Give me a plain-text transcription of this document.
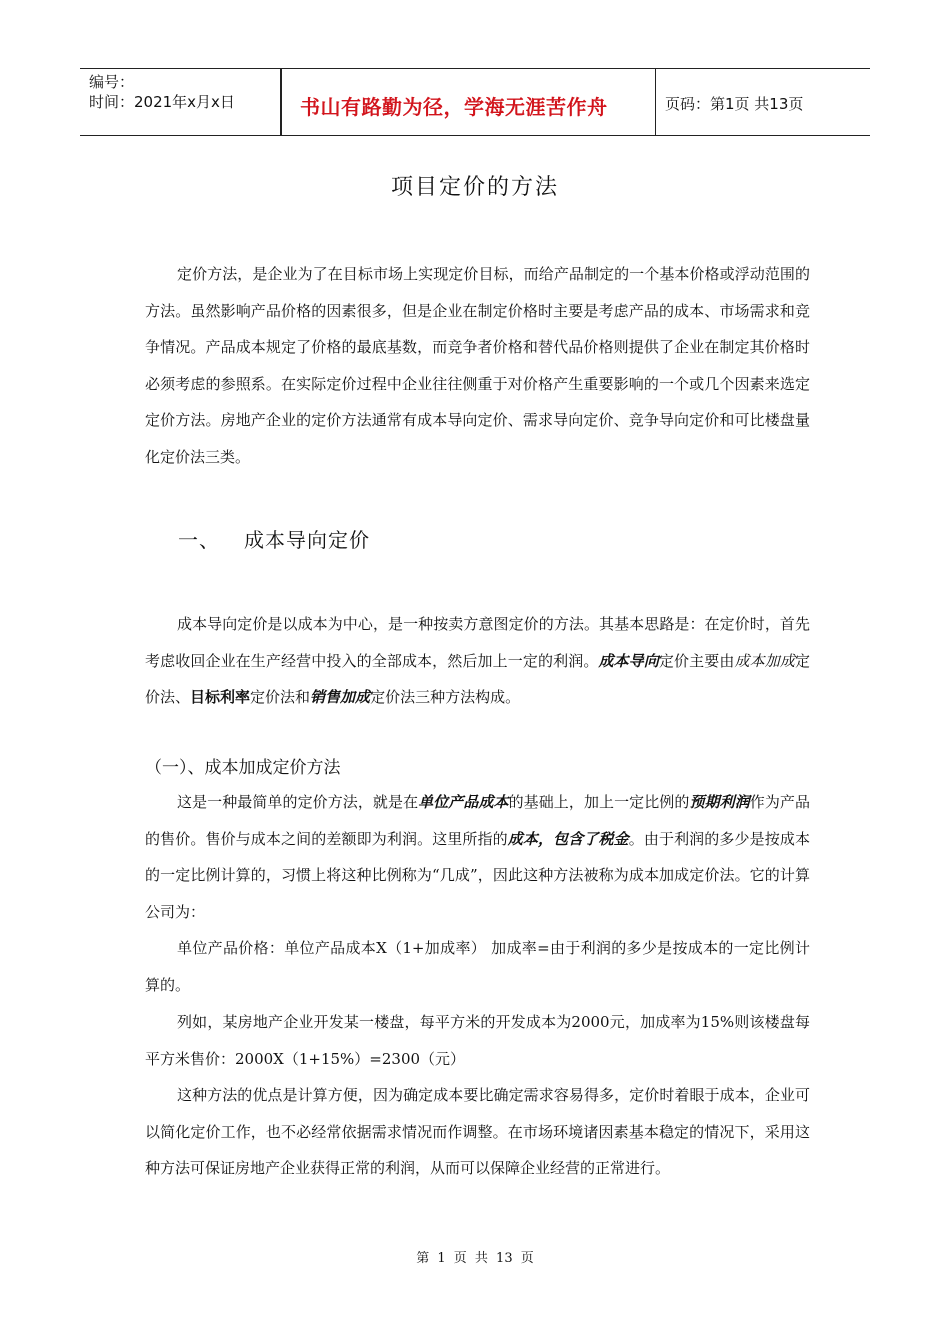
编号：
时间：2021年x月x日	书山有路勤为径，学海无涯苦作舟	页码：第1页 共13页
项目定价的方法

定价方法，是企业为了在目标市场上实现定价目标，而给产品制定的一个基本价格或浮动范围的方法。虽然影响产品价格的因素很多，但是企业在制定价格时主要是考虑产品的成本、市场需求和竞争情况。产品成本规定了价格的最底基数，而竞争者价格和替代品价格则提供了企业在制定其价格时必须考虑的参照系。在实际定价过程中企业往往侧重于对价格产生重要影响的一个或几个因素来选定定价方法。房地产企业的定价方法通常有成本导向定价、需求导向定价、竞争导向定价和可比楼盘量化定价法三类。

一、 成本导向定价

成本导向定价是以成本为中心，是一种按卖方意图定价的方法。其基本思路是：在定价时，首先考虑收回企业在生产经营中投入的全部成本，然后加上一定的利润。成本导向定价主要由成本加成定价法、目标利率定价法和销售加成定价法三种方法构成。

（一）、成本加成定价方法

这是一种最简单的定价方法，就是在单位产品成本的基础上，加上一定比例的预期利润作为产品的售价。售价与成本之间的差额即为利润。这里所指的成本，包含了税金。由于利润的多少是按成本的一定比例计算的，习惯上将这种比例称为“几成”，因此这种方法被称为成本加成定价法。它的计算公司为：

单位产品价格：单位产品成本X（1+加成率） 加成率=由于利润的多少是按成本的一定比例计算的。

列如，某房地产企业开发某一楼盘，每平方米的开发成本为2000元，加成率为15%则该楼盘每平方米售价：2000X（1+15%）=2300（元）

这种方法的优点是计算方便，因为确定成本要比确定需求容易得多，定价时着眼于成本，企业可以简化定价工作，也不必经常依据需求情况而作调整。在市场环境诸因素基本稳定的情况下，采用这种方法可保证房地产企业获得正常的利润，从而可以保障企业经营的正常进行。

第 1 页 共 13 页
